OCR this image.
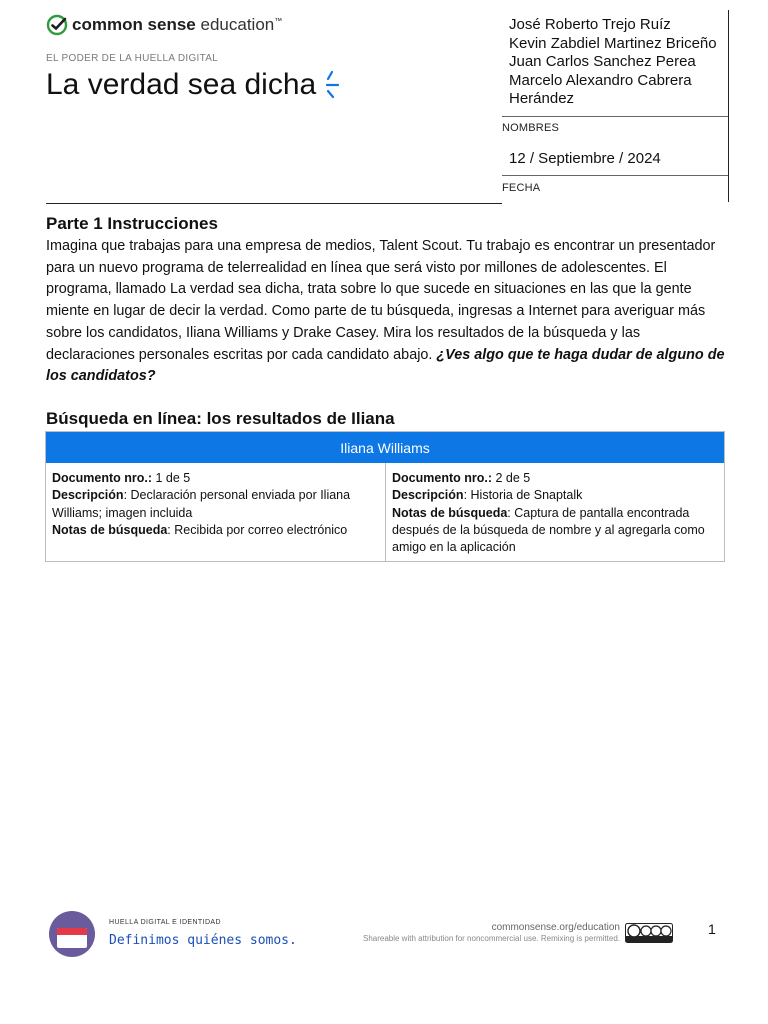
common sense education™
EL PODER DE LA HUELLA DIGITAL
La verdad sea dicha
José Roberto Trejo Ruíz
Kevin Zabdiel Martinez Briceño
Juan Carlos Sanchez Perea
Marcelo Alexandro Cabrera
Herández
NOMBRES
12 / Septiembre / 2024
FECHA
Parte 1 Instrucciones
Imagina que trabajas para una empresa de medios, Talent Scout. Tu trabajo es encontrar un presentador para un nuevo programa de telerrealidad en línea que será visto por millones de adolescentes. El programa, llamado La verdad sea dicha, trata sobre lo que sucede en situaciones en las que la gente miente en lugar de decir la verdad. Como parte de tu búsqueda, ingresas a Internet para averiguar más sobre los candidatos, Iliana Williams y Drake Casey. Mira los resultados de la búsqueda y las declaraciones personales escritas por cada candidato abajo. ¿Ves algo que te haga dudar de alguno de los candidatos?
Búsqueda en línea: los resultados de Iliana
Iliana Williams
Documento nro.: 1 de 5
Descripción: Declaración personal enviada por Iliana Williams; imagen incluida
Notas de búsqueda: Recibida por correo electrónico
Documento nro.: 2 de 5
Descripción: Historia de Snaptalk
Notas de búsqueda: Captura de pantalla encontrada después de la búsqueda de nombre y al agregarla como amigo en la aplicación
HUELLA DIGITAL E IDENTIDAD
Definimos quiénes somos.
commonsense.org/education
Shareable with attribution for noncommercial use. Remixing is permitted.
1
